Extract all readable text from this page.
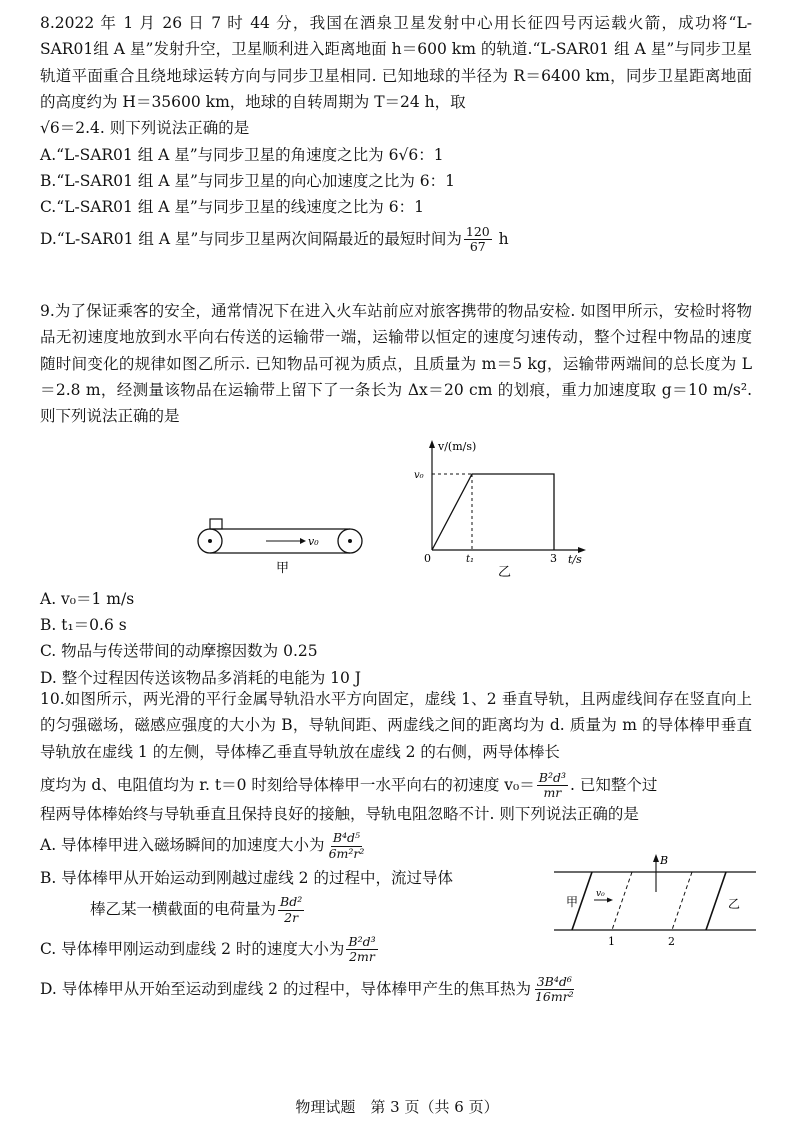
8.2022 年 1 月 26 日 7 时 44 分，我国在酒泉卫星发射中心用长征四号丙运载火箭，成功将“L-SAR01组 A 星”发射升空，卫星顺利进入距离地面 h＝600 km 的轨道.“L-SAR01 组 A 星”与同步卫星轨道平面重合且绕地球运转方向与同步卫星相同. 已知地球的半径为 R＝6400 km，同步卫星距离地面的高度约为 H＝35600 km，地球的自转周期为 T＝24 h，取

√6＝2.4. 则下列说法正确的是

A.“L-SAR01 组 A 星”与同步卫星的角速度之比为 6√6：1

B.“L-SAR01 组 A 星”与同步卫星的向心加速度之比为 6：1

C.“L-SAR01 组 A 星”与同步卫星的线速度之比为 6：1

D.“L-SAR01 组 A 星”与同步卫星两次间隔最近的最短时间为 $\frac{120}{67}$ h

9.为了保证乘客的安全，通常情况下在进入火车站前应对旅客携带的物品安检. 如图甲所示，安检时将物品无初速度地放到水平向右传送的运输带一端，运输带以恒定的速度匀速传动，整个过程中物品的速度随时间变化的规律如图乙所示. 已知物品可视为质点，且质量为 m＝5 kg，运输带两端间的总长度为 L＝2.8 m，经测量该物品在运输带上留下了一条长为 Δx＝20 cm 的划痕，重力加速度取 g＝10 m/s². 则下列说法正确的是

A. v₀＝1 m/s

B. t₁＝0.6 s

C. 物品与传送带间的动摩擦因数为 0.25

D. 整个过程因传送该物品多消耗的电能为 10 J

v₀
甲
v/(m/s)
t/s
v₀
0	t₁	3
乙

10.如图所示，两光滑的平行金属导轨沿水平方向固定，虚线 1、2 垂直导轨，且两虚线间存在竖直向上的匀强磁场，磁感应强度的大小为 B，导轨间距、两虚线之间的距离均为 d. 质量为 m 的导体棒甲垂直导轨放在虚线 1 的左侧，导体棒乙垂直导轨放在虚线 2 的右侧，两导体棒长

度均为 d、电阻值均为 r. t＝0 时刻给导体棒甲一水平向右的初速度 $v_0= \frac{\text{B²d³}}{mr}$ . 已知整个过

程两导体棒始终与导轨垂直且保持良好的接触，导轨电阻忽略不计. 则下列说法正确的是

A. 导体棒甲进入磁场瞬间的加速度大小为 $\frac{\text{B⁴d⁵}}{\text{6m²r²}}$

B. 导体棒甲从开始运动到刚越过虚线 2 的过程中，流过导体

棒乙某一横截面的电荷量为 $\frac{\text{Bd²}}{2r}$

C. 导体棒甲刚运动到虚线 2 时的速度大小为 $\frac{\text{B²d³}}{2mr}$

D. 导体棒甲从开始至运动到虚线 2 的过程中，导体棒甲产生的焦耳热为 $\frac{\text{3B⁴d⁶}}{\text{16mr²}}$

B
v₀
甲	乙
1	2
物理试题　第 3 页（共 6 页）
